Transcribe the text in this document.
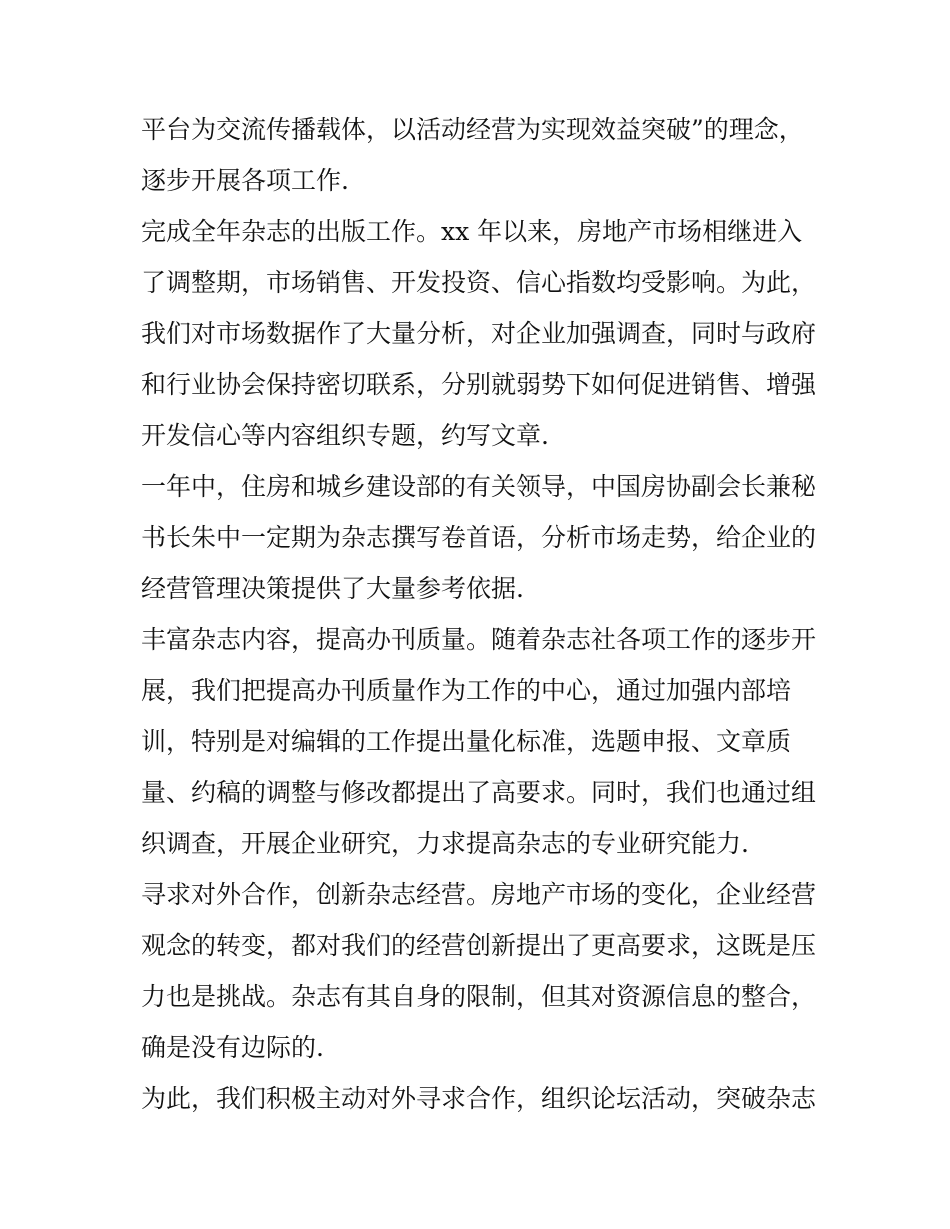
平台为交流传播载体，以活动经营为实现效益突破”的理念，
逐步开展各项工作.
完成全年杂志的出版工作。xx 年以来，房地产市场相继进入
了调整期，市场销售、开发投资、信心指数均受影响。为此，
我们对市场数据作了大量分析，对企业加强调查，同时与政府
和行业协会保持密切联系，分别就弱势下如何促进销售、增强
开发信心等内容组织专题，约写文章.
一年中，住房和城乡建设部的有关领导，中国房协副会长兼秘
书长朱中一定期为杂志撰写卷首语，分析市场走势，给企业的
经营管理决策提供了大量参考依据.
丰富杂志内容，提高办刊质量。随着杂志社各项工作的逐步开
展，我们把提高办刊质量作为工作的中心，通过加强内部培
训，特别是对编辑的工作提出量化标准，选题申报、文章质
量、约稿的调整与修改都提出了高要求。同时，我们也通过组
织调查，开展企业研究，力求提高杂志的专业研究能力.
寻求对外合作，创新杂志经营。房地产市场的变化，企业经营
观念的转变，都对我们的经营创新提出了更高要求，这既是压
力也是挑战。杂志有其自身的限制，但其对资源信息的整合，
确是没有边际的.
为此，我们积极主动对外寻求合作，组织论坛活动，突破杂志
